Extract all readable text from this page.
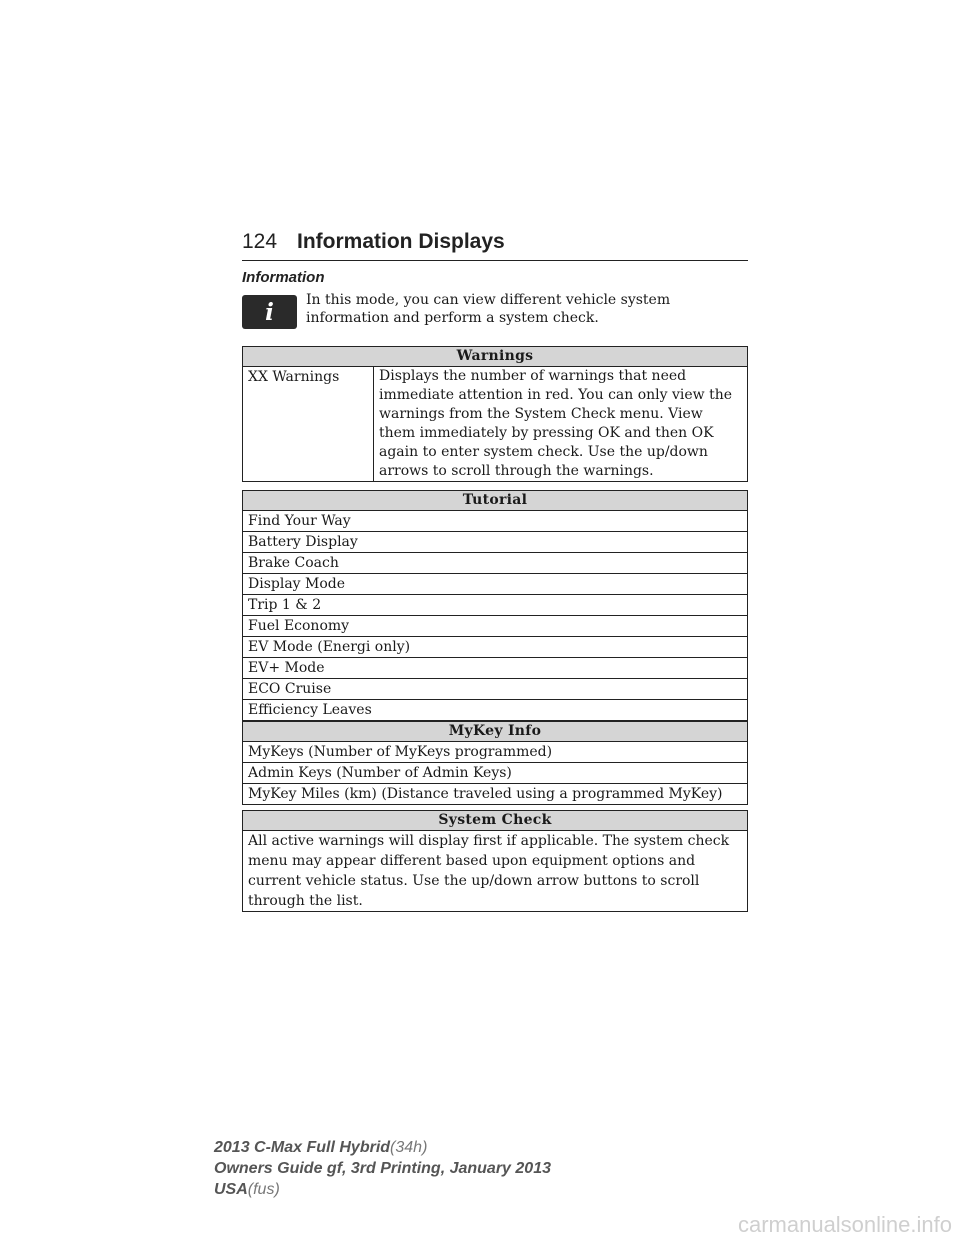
124 Information Displays
Information
i	In this mode, you can view different vehicle system information and perform a system check.
Warnings
XX Warnings	Displays the number of warnings that need immediate attention in red. You can only view the warnings from the System Check menu. View them immediately by pressing OK and then OK again to enter system check. Use the up/down arrows to scroll through the warnings.
Tutorial
Find Your Way
Battery Display
Brake Coach
Display Mode
Trip 1 & 2
Fuel Economy
EV Mode (Energi only)
EV+ Mode
ECO Cruise
Efficiency Leaves
MyKey Info
MyKeys (Number of MyKeys programmed)
Admin Keys (Number of Admin Keys)
MyKey Miles (km) (Distance traveled using a programmed MyKey)
System Check
All active warnings will display first if applicable. The system check menu may appear different based upon equipment options and current vehicle status. Use the up/down arrow buttons to scroll through the list.
2013 C-Max Full Hybrid(34h)
Owners Guide gf, 3rd Printing, January 2013
USA(fus)
carmanualsonline.info
